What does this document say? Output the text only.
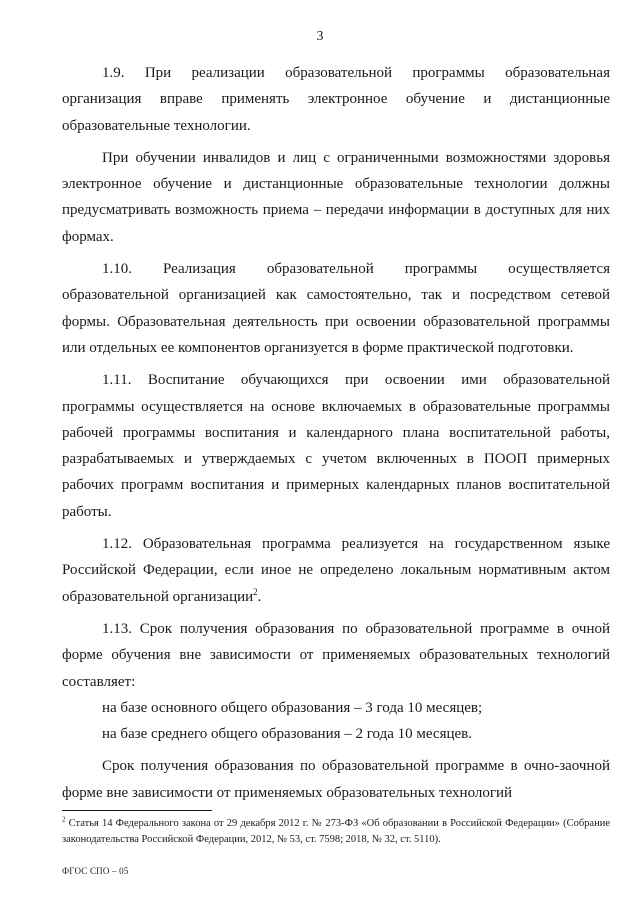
3

1.9. При реализации образовательной программы образовательная организация вправе применять электронное обучение и дистанционные образовательные технологии.

При обучении инвалидов и лиц с ограниченными возможностями здоровья электронное обучение и дистанционные образовательные технологии должны предусматривать возможность приема – передачи информации в доступных для них формах.

1.10. Реализация образовательной программы осуществляется образовательной организацией как самостоятельно, так и посредством сетевой формы. Образовательная деятельность при освоении образовательной программы или отдельных ее компонентов организуется в форме практической подготовки.

1.11. Воспитание обучающихся при освоении ими образовательной программы осуществляется на основе включаемых в образовательные программы рабочей программы воспитания и календарного плана воспитательной работы, разрабатываемых и утверждаемых с учетом включенных в ПООП примерных рабочих программ воспитания и примерных календарных планов воспитательной работы.

1.12. Образовательная программа реализуется на государственном языке Российской Федерации, если иное не определено локальным нормативным актом образовательной организации$^2$.

1.13. Срок получения образования по образовательной программе в очной форме обучения вне зависимости от применяемых образовательных технологий составляет:

на базе основного общего образования – 3 года 10 месяцев;

на базе среднего общего образования – 2 года 10 месяцев.

Срок получения образования по образовательной программе в очно-заочной форме вне зависимости от применяемых образовательных технологий

$^2$ Статья 14 Федерального закона от 29 декабря 2012 г. № 273-ФЗ «Об образовании в Российской Федерации» (Собрание законодательства Российской Федерации, 2012, № 53, ст. 7598; 2018, № 32, ст. 5110).
ФГОС СПО – 05
